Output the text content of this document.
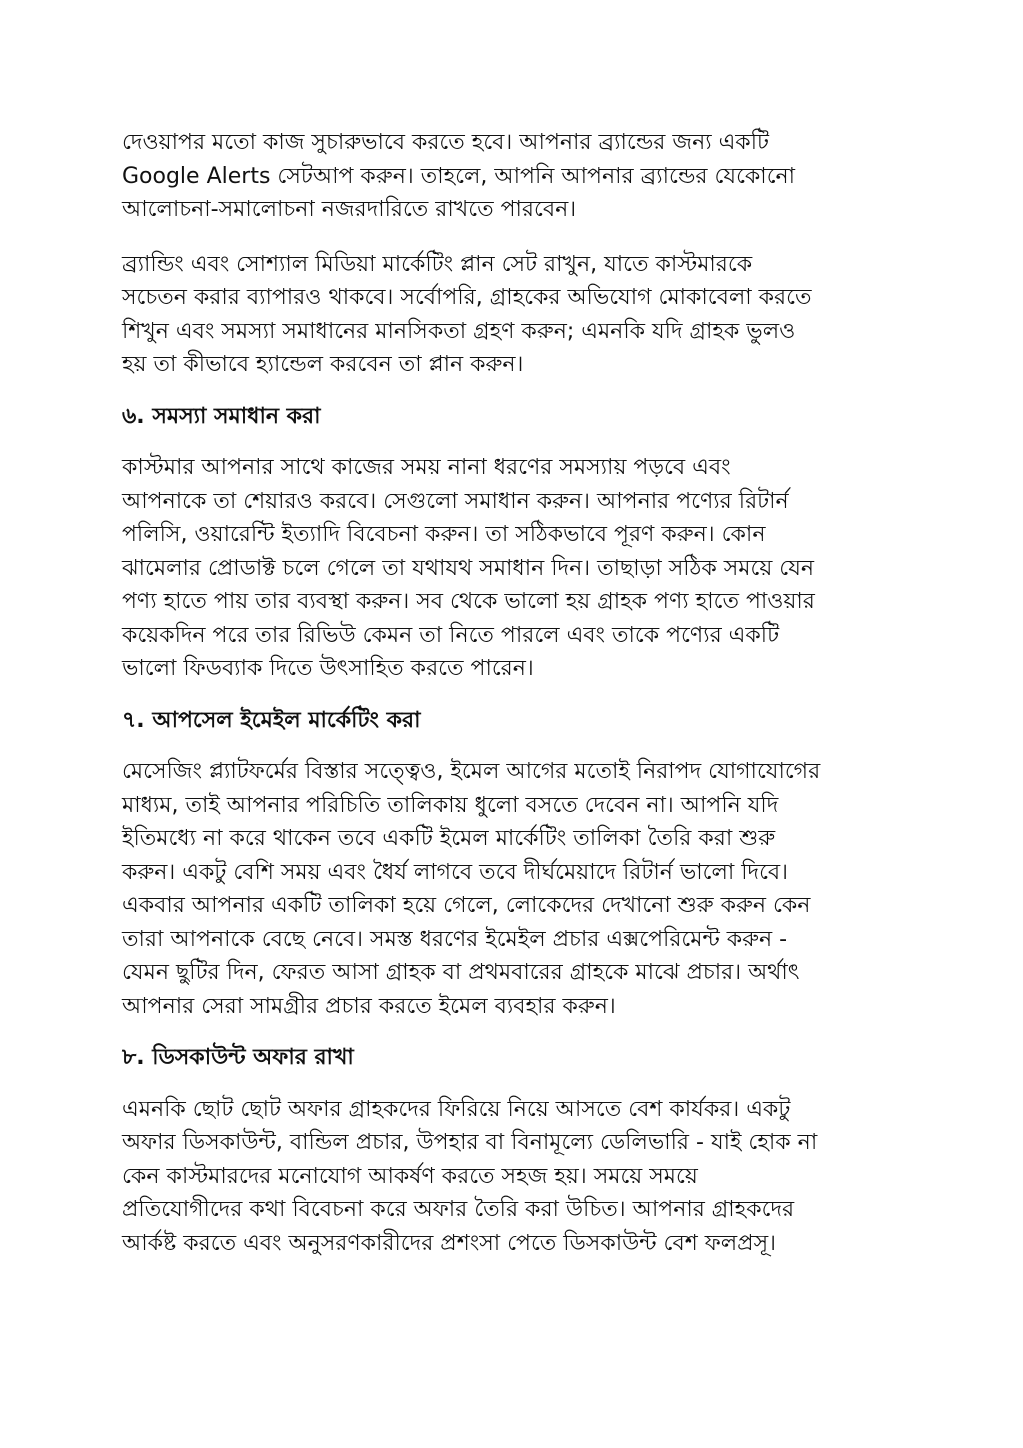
দেওয়াপর মতো কাজ সুচারুভাবে করতে হবে। আপনার ব্র্যান্ডের জন্য একটি
Google Alerts সেটআপ করুন। তাহলে, আপনি আপনার ব্র্যান্ডের যেকোনো
আলোচনা-সমালোচনা নজরদারিতে রাখতে পারবেন।

ব্র্যান্ডিং এবং সোশ্যাল মিডিয়া মার্কেটিং প্লান সেট রাখুন, যাতে কাস্টমারকে
সচেতন করার ব্যাপারও থাকবে। সর্বোপরি, গ্রাহকের অভিযোগ মোকাবেলা করতে
শিখুন এবং সমস্যা সমাধানের মানসিকতা গ্রহণ করুন; এমনকি যদি গ্রাহক ভুলও
হয় তা কীভাবে হ্যান্ডেল করবেন তা প্লান করুন।

৬. সমস্যা সমাধান করা

কাস্টমার আপনার সাথে কাজের সময় নানা ধরণের সমস্যায় পড়বে এবং
আপনাকে তা শেয়ারও করবে। সেগুলো সমাধান করুন। আপনার পণ্যের রিটার্ন
পলিসি, ওয়ারেন্টি ইত্যাদি বিবেচনা করুন। তা সঠিকভাবে পূরণ করুন। কোন
ঝামেলার প্রোডাক্ট চলে গেলে তা যথাযথ সমাধান দিন। তাছাড়া সঠিক সময়ে যেন
পণ্য হাতে পায় তার ব্যবস্থা করুন। সব থেকে ভালো হয় গ্রাহক পণ্য হাতে পাওয়ার
কয়েকদিন পরে তার রিভিউ কেমন তা নিতে পারলে এবং তাকে পণ্যের একটি
ভালো ফিডব্যাক দিতে উৎসাহিত করতে পারেন।

৭. আপসেল ইমেইল মার্কেটিং করা

মেসেজিং প্ল্যাটফর্মের বিস্তার সত্ত্বেও, ইমেল আগের মতোই নিরাপদ যোগাযোগের
মাধ্যম, তাই আপনার পরিচিতি তালিকায় ধুলো বসতে দেবেন না। আপনি যদি
ইতিমধ্যে না করে থাকেন তবে একটি ইমেল মার্কেটিং তালিকা তৈরি করা শুরু
করুন। একটু বেশি সময় এবং ধৈর্য লাগবে তবে দীর্ঘমেয়াদে রিটার্ন ভালো দিবে।
একবার আপনার একটি তালিকা হয়ে গেলে, লোকেদের দেখানো শুরু করুন কেন
তারা আপনাকে বেছে নেবে। সমস্ত ধরণের ইমেইল প্রচার এক্সপেরিমেন্ট করুন -
যেমন ছুটির দিন, ফেরত আসা গ্রাহক বা প্রথমবারের গ্রাহকে মাঝে প্রচার। অর্থাৎ
আপনার সেরা সামগ্রীর প্রচার করতে ইমেল ব্যবহার করুন।

৮. ডিসকাউন্ট অফার রাখা

এমনকি ছোট ছোট অফার গ্রাহকদের ফিরিয়ে নিয়ে আসতে বেশ কার্যকর। একটু
অফার ডিসকাউন্ট, বান্ডিল প্রচার, উপহার বা বিনামূল্যে ডেলিভারি - যাই হোক না
কেন কাস্টমারদের মনোযোগ আকর্ষণ করতে সহজ হয়। সময়ে সময়ে
প্রতিযোগীদের কথা বিবেচনা করে অফার তৈরি করা উচিত। আপনার গ্রাহকদের
আর্কষ্ট করতে এবং অনুসরণকারীদের প্রশংসা পেতে ডিসকাউন্ট বেশ ফলপ্রসূ।
